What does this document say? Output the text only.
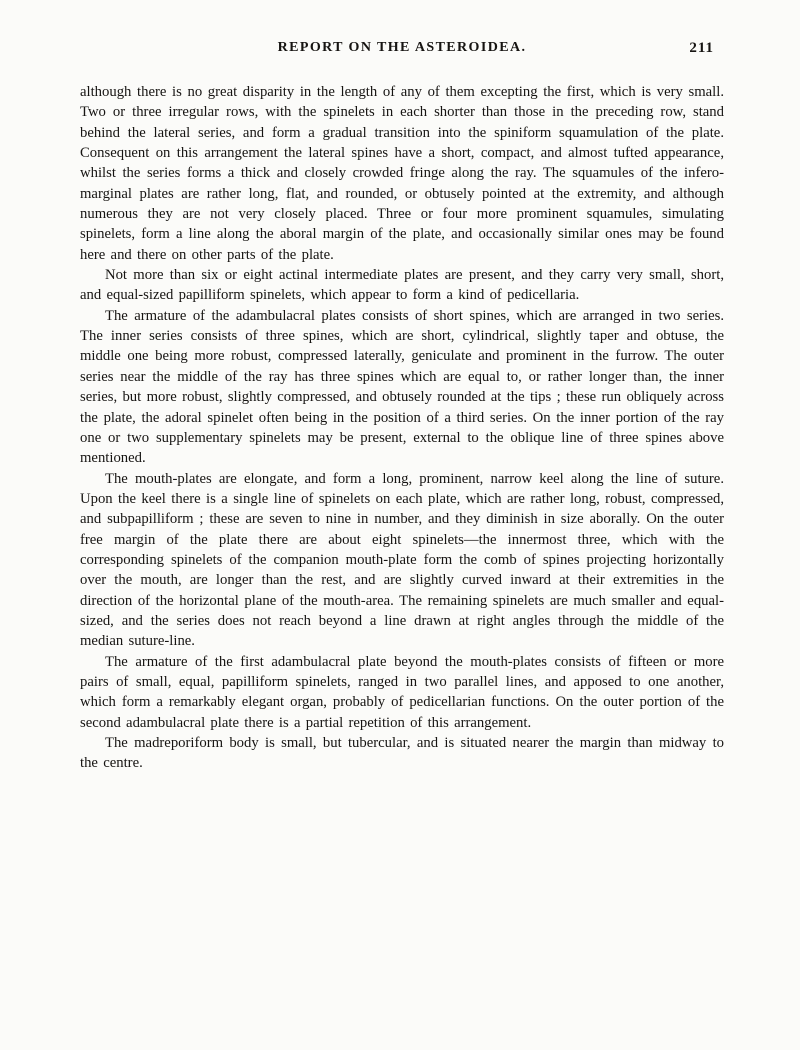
REPORT ON THE ASTEROIDEA.	211

although there is no great disparity in the length of any of them excepting the first, which is very small. Two or three irregular rows, with the spinelets in each shorter than those in the preceding row, stand behind the lateral series, and form a gradual transition into the spiniform squamulation of the plate. Consequent on this arrangement the lateral spines have a short, compact, and almost tufted appearance, whilst the series forms a thick and closely crowded fringe along the ray. The squamules of the infero-marginal plates are rather long, flat, and rounded, or obtusely pointed at the extremity, and although numerous they are not very closely placed. Three or four more prominent squamules, simulating spinelets, form a line along the aboral margin of the plate, and occasionally similar ones may be found here and there on other parts of the plate.

Not more than six or eight actinal intermediate plates are present, and they carry very small, short, and equal-sized papilliform spinelets, which appear to form a kind of pedicellaria.

The armature of the adambulacral plates consists of short spines, which are arranged in two series. The inner series consists of three spines, which are short, cylindrical, slightly taper and obtuse, the middle one being more robust, compressed laterally, geniculate and prominent in the furrow. The outer series near the middle of the ray has three spines which are equal to, or rather longer than, the inner series, but more robust, slightly compressed, and obtusely rounded at the tips ; these run obliquely across the plate, the adoral spinelet often being in the position of a third series. On the inner portion of the ray one or two supplementary spinelets may be present, external to the oblique line of three spines above mentioned.

The mouth-plates are elongate, and form a long, prominent, narrow keel along the line of suture. Upon the keel there is a single line of spinelets on each plate, which are rather long, robust, compressed, and subpapilliform ; these are seven to nine in number, and they diminish in size aborally. On the outer free margin of the plate there are about eight spinelets—the innermost three, which with the corresponding spinelets of the companion mouth-plate form the comb of spines projecting horizontally over the mouth, are longer than the rest, and are slightly curved inward at their extremities in the direction of the horizontal plane of the mouth-area. The remaining spinelets are much smaller and equal-sized, and the series does not reach beyond a line drawn at right angles through the middle of the median suture-line.

The armature of the first adambulacral plate beyond the mouth-plates consists of fifteen or more pairs of small, equal, papilliform spinelets, ranged in two parallel lines, and apposed to one another, which form a remarkably elegant organ, probably of pedicellarian functions. On the outer portion of the second adambulacral plate there is a partial repetition of this arrangement.

The madreporiform body is small, but tubercular, and is situated nearer the margin than midway to the centre.
